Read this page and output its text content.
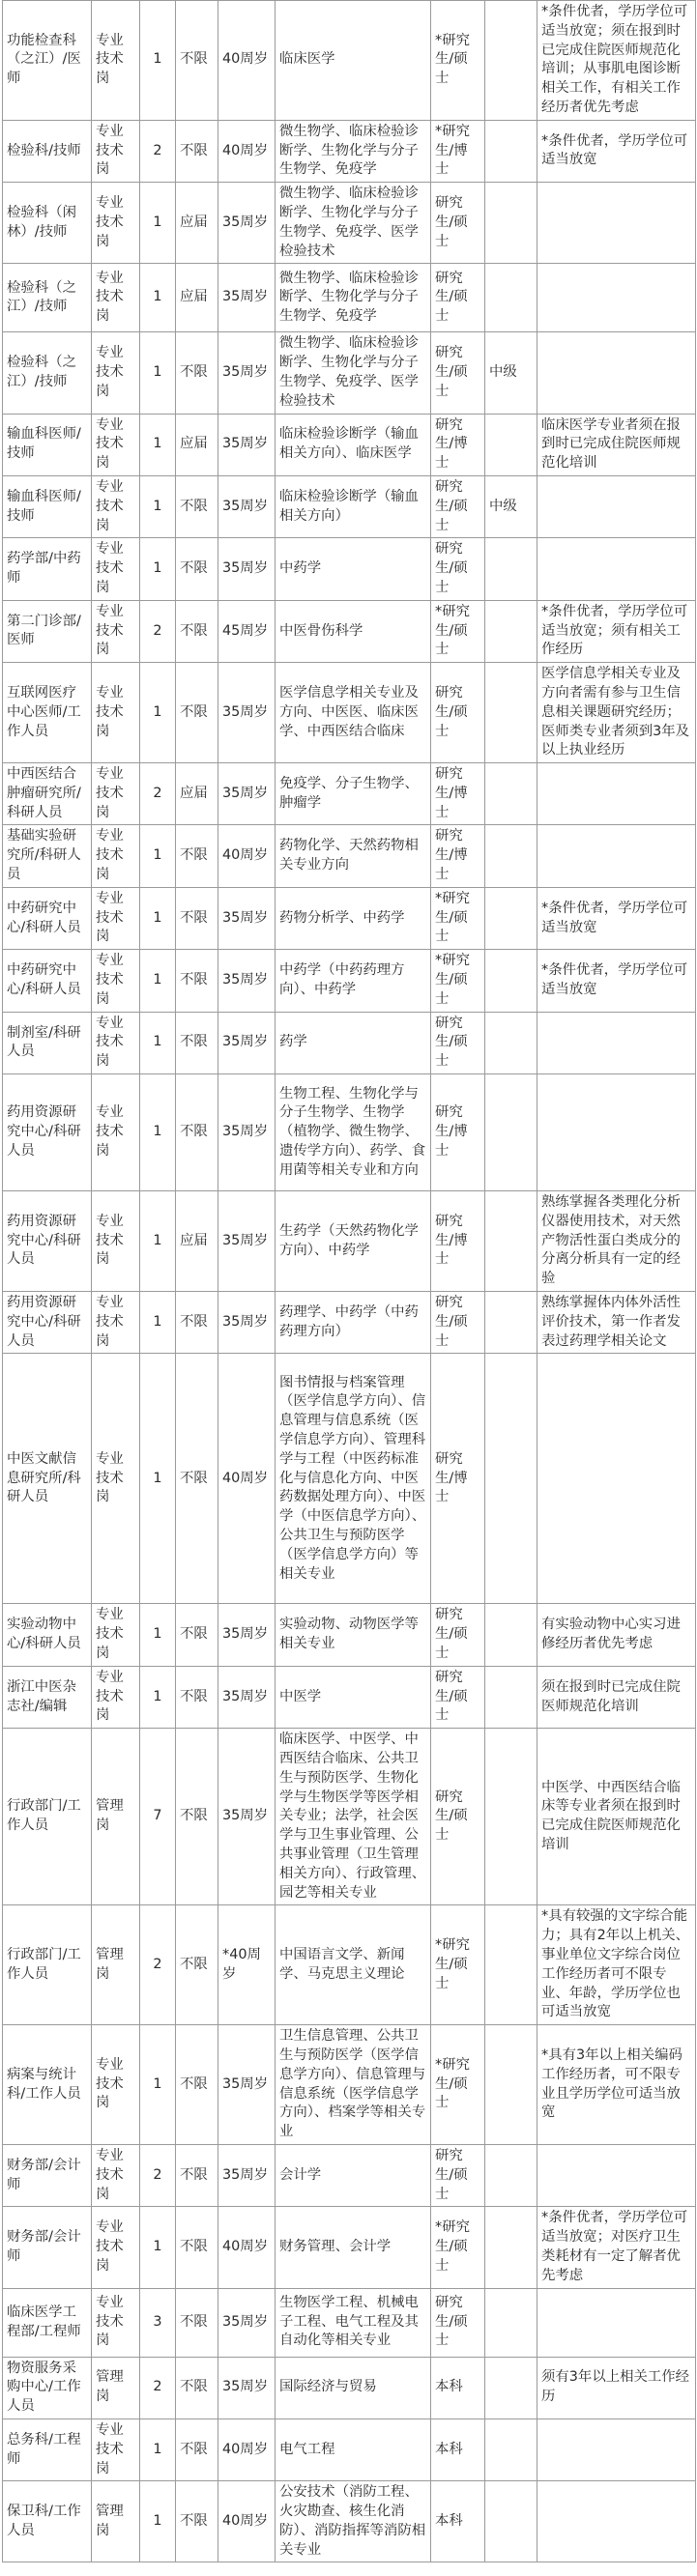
功能检查科（之江）/医师	专业技术岗	1	不限	40周岁	临床医学	*研究生/硕士		*条件优者，学历学位可适当放宽；须在报到时已完成住院医师规范化培训；从事肌电图诊断相关工作，有相关工作经历者优先考虑
检验科/技师	专业技术岗	2	不限	40周岁	微生物学、临床检验诊断学、生物化学与分子生物学、免疫学	*研究生/博士		*条件优者，学历学位可适当放宽
检验科（闲林）/技师	专业技术岗	1	应届	35周岁	微生物学、临床检验诊断学、生物化学与分子生物学、免疫学、医学检验技术	研究生/硕士		
检验科（之江）/技师	专业技术岗	1	应届	35周岁	微生物学、临床检验诊断学、生物化学与分子生物学、免疫学	研究生/硕士		
检验科（之江）/技师	专业技术岗	1	不限	35周岁	微生物学、临床检验诊断学、生物化学与分子生物学、免疫学、医学检验技术	研究生/硕士	中级	
输血科医师/技师	专业技术岗	1	应届	35周岁	临床检验诊断学（输血相关方向）、临床医学	研究生/博士		临床医学专业者须在报到时已完成住院医师规范化培训
输血科医师/技师	专业技术岗	1	不限	35周岁	临床检验诊断学（输血相关方向）	研究生/硕士	中级	
药学部/中药师	专业技术岗	1	不限	35周岁	中药学	研究生/硕士		
第二门诊部/医师	专业技术岗	2	不限	45周岁	中医骨伤科学	*研究生/硕士		*条件优者，学历学位可适当放宽；须有相关工作经历
互联网医疗中心医师/工作人员	专业技术岗	1	不限	35周岁	医学信息学相关专业及方向、中医医、临床医学、中西医结合临床	研究生/硕士		医学信息学相关专业及方向者需有参与卫生信息相关课题研究经历；医师类专业者须到3年及以上执业经历
中西医结合肿瘤研究所/科研人员	专业技术岗	2	应届	35周岁	免疫学、分子生物学、肿瘤学	研究生/博士		
基础实验研究所/科研人员	专业技术岗	1	不限	40周岁	药物化学、天然药物相关专业方向	研究生/博士		
中药研究中心/科研人员	专业技术岗	1	不限	35周岁	药物分析学、中药学	*研究生/硕士		*条件优者，学历学位可适当放宽
中药研究中心/科研人员	专业技术岗	1	不限	35周岁	中药学（中药药理方向）、中药学	*研究生/硕士		*条件优者，学历学位可适当放宽
制剂室/科研人员	专业技术岗	1	不限	35周岁	药学	研究生/硕士		
药用资源研究中心/科研人员	专业技术岗	1	不限	35周岁	生物工程、生物化学与分子生物学、生物学（植物学、微生物学、遗传学方向）、药学、食用菌等相关专业和方向	研究生/博士		
药用资源研究中心/科研人员	专业技术岗	1	应届	35周岁	生药学（天然药物化学方向）、中药学	研究生/博士		熟练掌握各类理化分析仪器使用技术，对天然产物活性蛋白类成分的分离分析具有一定的经验
药用资源研究中心/科研人员	专业技术岗	1	不限	35周岁	药理学、中药学（中药药理方向）	研究生/硕士		熟练掌握体内体外活性评价技术，第一作者发表过药理学相关论文
中医文献信息研究所/科研人员	专业技术岗	1	不限	40周岁	图书情报与档案管理（医学信息学方向）、信息管理与信息系统（医学信息学方向）、管理科学与工程（中医药标准化与信息化方向、中医药数据处理方向）、中医学（中医信息学方向）、公共卫生与预防医学（医学信息学方向）等相关专业	研究生/博士		
实验动物中心/科研人员	专业技术岗	1	不限	35周岁	实验动物、动物医学等相关专业	研究生/硕士		有实验动物中心实习进修经历者优先考虑
浙江中医杂志社/编辑	专业技术岗	1	不限	35周岁	中医学	研究生/硕士		须在报到时已完成住院医师规范化培训
行政部门/工作人员	管理岗	7	不限	35周岁	临床医学、中医学、中西医结合临床、公共卫生与预防医学、生物化学与生物医学等医学相关专业；法学，社会医学与卫生事业管理、公共事业管理（卫生管理相关方向）、行政管理、园艺等相关专业	研究生/硕士		中医学、中西医结合临床等专业者须在报到时已完成住院医师规范化培训
行政部门/工作人员	管理岗	2	不限	*40周岁	中国语言文学、新闻学、马克思主义理论	*研究生/硕士		*具有较强的文字综合能力；具有2年以上机关、事业单位文字综合岗位工作经历者可不限专业、年龄，学历学位也可适当放宽
病案与统计科/工作人员	专业技术岗	1	不限	35周岁	卫生信息管理、公共卫生与预防医学（医学信息学方向）、信息管理与信息系统（医学信息学方向）、档案学等相关专业	*研究生/硕士		*具有3年以上相关编码工作经历者，可不限专业且学历学位可适当放宽
财务部/会计师	专业技术岗	2	不限	35周岁	会计学	研究生/硕士		
财务部/会计师	专业技术岗	1	不限	40周岁	财务管理、会计学	*研究生/硕士		*条件优者，学历学位可适当放宽；对医疗卫生类耗材有一定了解者优先考虑
临床医学工程部/工程师	专业技术岗	3	不限	35周岁	生物医学工程、机械电子工程、电气工程及其自动化等相关专业	研究生/硕士		
物资服务采购中心/工作人员	管理岗	2	不限	35周岁	国际经济与贸易	本科		须有3年以上相关工作经历
总务科/工程师	专业技术岗	1	不限	40周岁	电气工程	本科		
保卫科/工作人员	管理岗	1	不限	40周岁	公安技术（消防工程、火灾勘查、核生化消防）、消防指挥等消防相关专业	本科		
